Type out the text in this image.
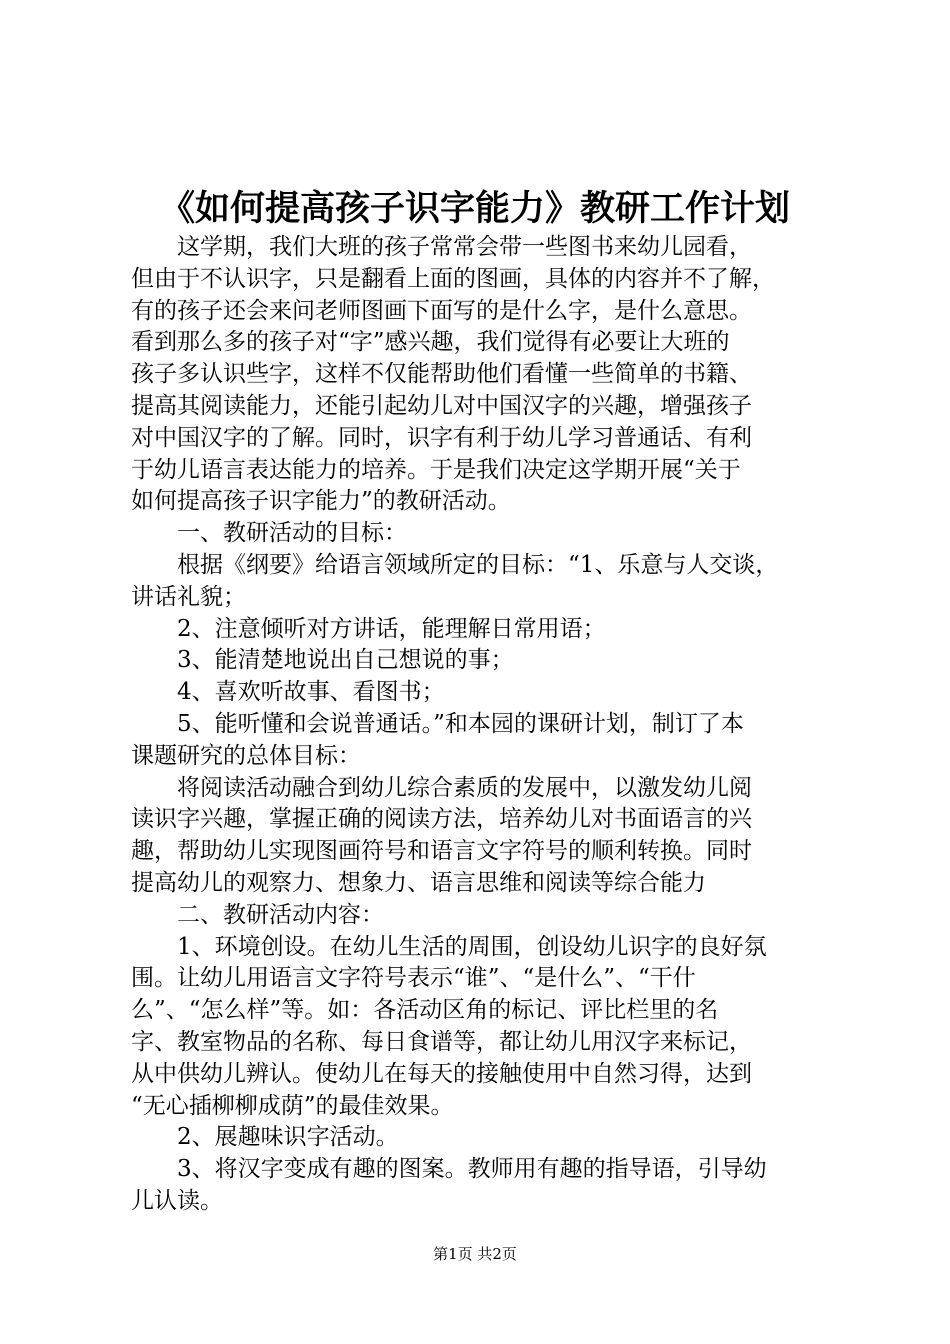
《如何提高孩子识字能力》教研工作计划
　　这学期，我们大班的孩子常常会带一些图书来幼儿园看，
但由于不认识字，只是翻看上面的图画，具体的内容并不了解，
有的孩子还会来问老师图画下面写的是什么字，是什么意思。
看到那么多的孩子对“字”感兴趣，我们觉得有必要让大班的
孩子多认识些字，这样不仅能帮助他们看懂一些简单的书籍、
提高其阅读能力，还能引起幼儿对中国汉字的兴趣，增强孩子
对中国汉字的了解。同时，识字有利于幼儿学习普通话、有利
于幼儿语言表达能力的培养。于是我们决定这学期开展“关于
如何提高孩子识字能力”的教研活动。
　　一、教研活动的目标：
　　根据《纲要》给语言领域所定的目标：“1、乐意与人交谈，
讲话礼貌；
　　2、注意倾听对方讲话，能理解日常用语；
　　3、能清楚地说出自己想说的事；
　　4、喜欢听故事、看图书；
　　5、能听懂和会说普通话。”和本园的课研计划，制订了本
课题研究的总体目标：
　　将阅读活动融合到幼儿综合素质的发展中，以激发幼儿阅
读识字兴趣，掌握正确的阅读方法，培养幼儿对书面语言的兴
趣，帮助幼儿实现图画符号和语言文字符号的顺利转换。同时
提高幼儿的观察力、想象力、语言思维和阅读等综合能力
　　二、教研活动内容：
　　1、环境创设。在幼儿生活的周围，创设幼儿识字的良好氛
围。让幼儿用语言文字符号表示“谁”、“是什么”、“干什
么”、“怎么样”等。如：各活动区角的标记、评比栏里的名
字、教室物品的名称、每日食谱等，都让幼儿用汉字来标记，
从中供幼儿辨认。使幼儿在每天的接触使用中自然习得，达到
“无心插柳柳成荫”的最佳效果。
　　2、展趣味识字活动。
　　3、将汉字变成有趣的图案。教师用有趣的指导语，引导幼
儿认读。
第1页 共2页
